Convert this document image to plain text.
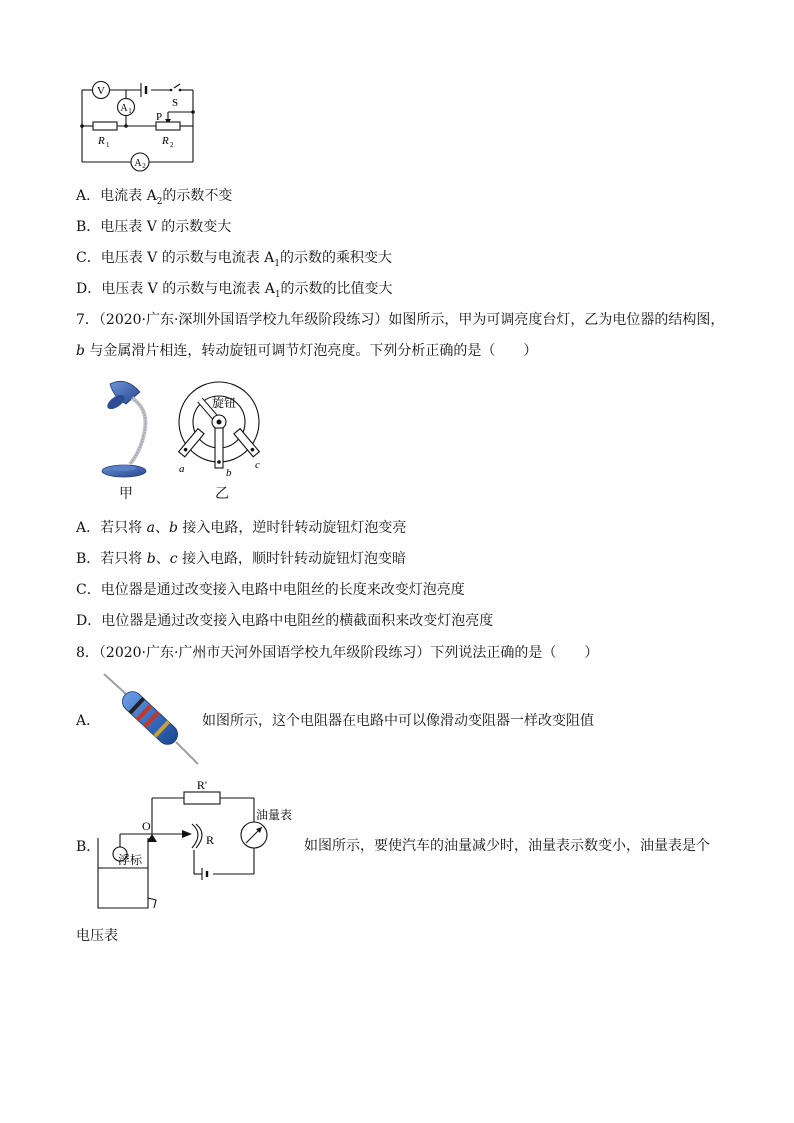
V
A 1
A 2
S
P
R 1	R 2
A．电流表 $A_2$的示数不变
B．电压表 V 的示数变大
C．电压表 V 的示数与电流表 $A_1$的示数的乘积变大
D．电压表 V 的示数与电流表 $A_1$的示数的比值变大
7．（2020·广东·深圳外国语学校九年级阶段练习）如图所示，甲为可调亮度台灯，乙为电位器的结构图，
b 与金属滑片相连，转动旋钮可调节灯泡亮度。下列分析正确的是（　　）
甲
旋钮
a	b
c
乙
A．若只将 a、b 接入电路，逆时针转动旋钮灯泡变亮
B．若只将 b、c 接入电路，顺时针转动旋钮灯泡变暗
C．电位器是通过改变接入电路中电阻丝的长度来改变灯泡亮度
D．电位器是通过改变接入电路中电阻丝的横截面积来改变灯泡亮度
8．（2020·广东·广州市天河外国语学校九年级阶段练习）下列说法正确的是（　　）
A．	如图所示，这个电阻器在电路中可以像滑动变阻器一样改变阻值
B．
R'
油量表
O
R
浮标
如图所示，要使汽车的油量减少时，油量表示数变小，油量表是个
电压表
